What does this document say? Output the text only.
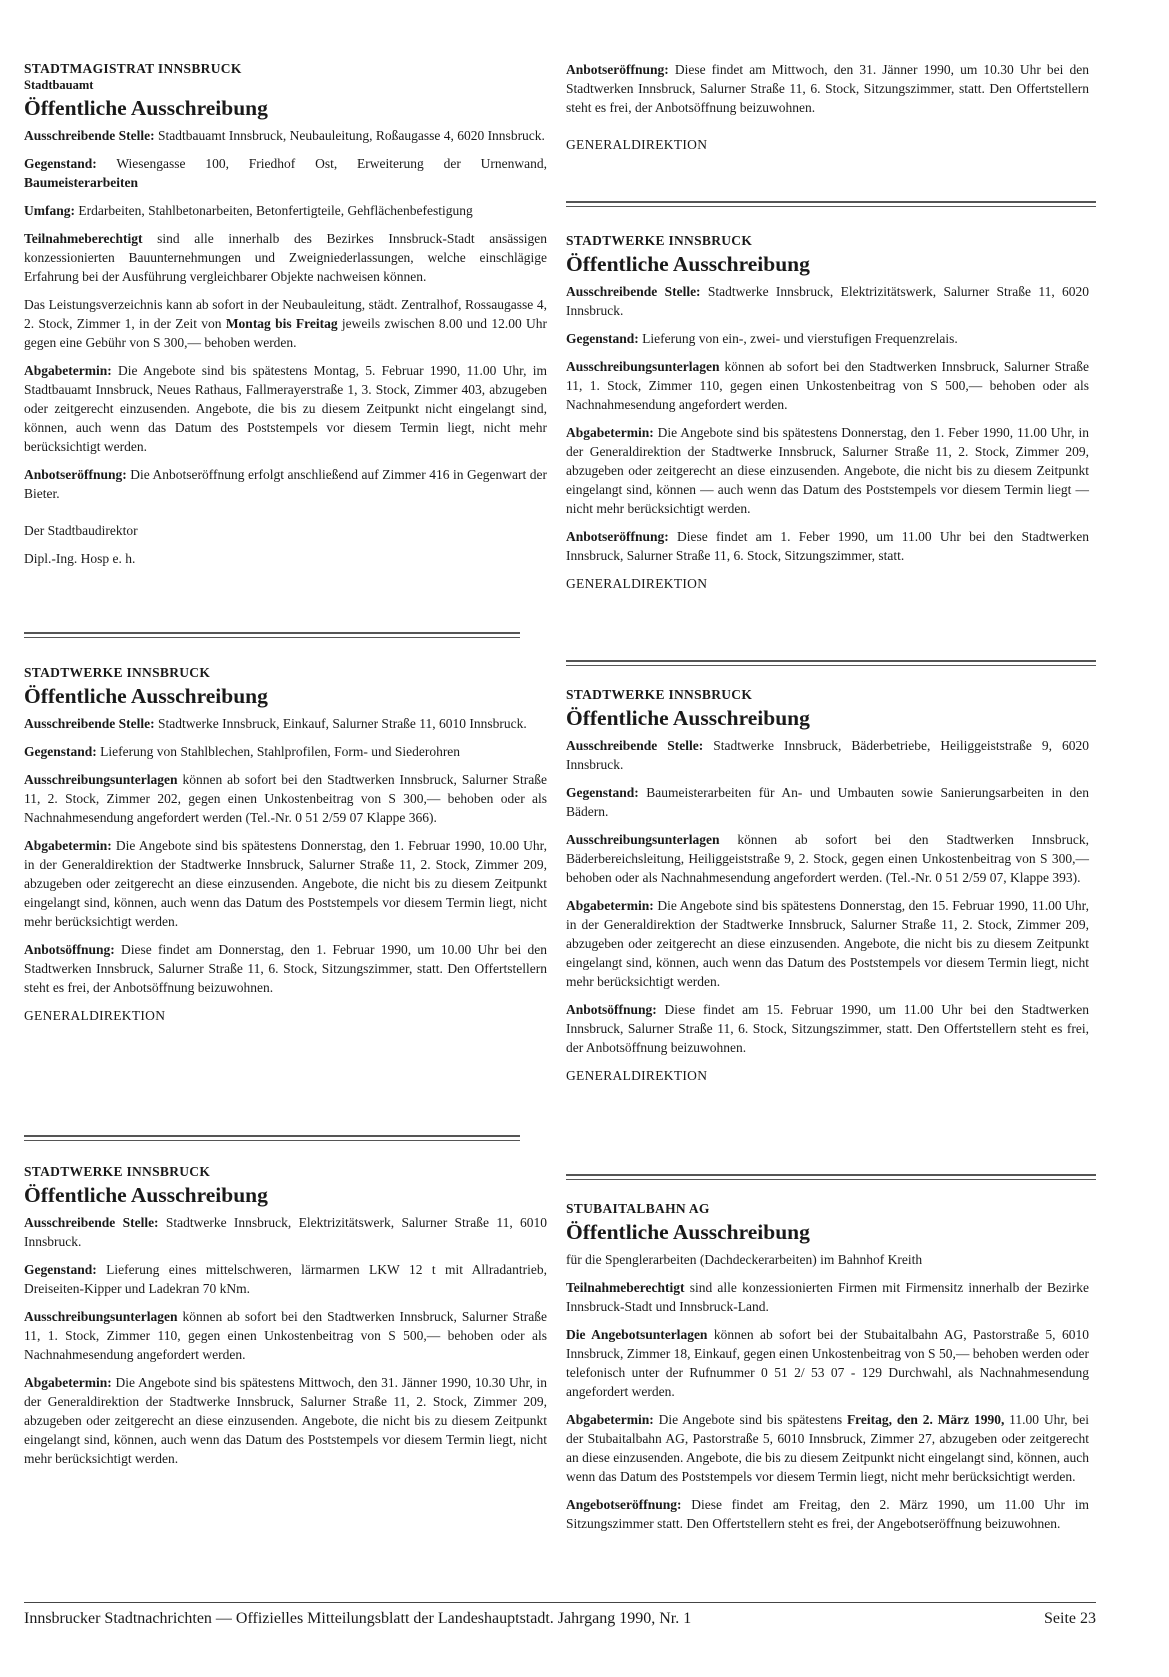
STADTMAGISTRAT INNSBRUCK

Stadtbauamt

Öffentliche Ausschreibung

Ausschreibende Stelle: Stadtbauamt Innsbruck, Neubauleitung, Roßaugasse 4, 6020 Innsbruck.

Gegenstand: Wiesengasse 100, Friedhof Ost, Erweiterung der Urnenwand, Baumeisterarbeiten

Umfang: Erdarbeiten, Stahlbetonarbeiten, Betonfertigteile, Gehflächenbefestigung

Teilnahmeberechtigt sind alle innerhalb des Bezirkes Innsbruck-Stadt ansässigen konzessionierten Bauunternehmungen und Zweigniederlassungen, welche einschlägige Erfahrung bei der Ausführung vergleichbarer Objekte nachweisen können.

Das Leistungsverzeichnis kann ab sofort in der Neubauleitung, städt. Zentralhof, Rossaugasse 4, 2. Stock, Zimmer 1, in der Zeit von Montag bis Freitag jeweils zwischen 8.00 und 12.00 Uhr gegen eine Gebühr von S 300,— behoben werden.

Abgabetermin: Die Angebote sind bis spätestens Montag, 5. Februar 1990, 11.00 Uhr, im Stadtbauamt Innsbruck, Neues Rathaus, Fallmerayerstraße 1, 3. Stock, Zimmer 403, abzugeben oder zeitgerecht einzusenden. Angebote, die bis zu diesem Zeitpunkt nicht eingelangt sind, können, auch wenn das Datum des Poststempels vor diesem Termin liegt, nicht mehr berücksichtigt werden.

Anbotseröffnung: Die Anbotseröffnung erfolgt anschließend auf Zimmer 416 in Gegenwart der Bieter.

Der Stadtbaudirektor

Dipl.-Ing. Hosp e. h.

STADTWERKE INNSBRUCK

Öffentliche Ausschreibung

Ausschreibende Stelle: Stadtwerke Innsbruck, Einkauf, Salurner Straße 11, 6010 Innsbruck.

Gegenstand: Lieferung von Stahlblechen, Stahlprofilen, Form- und Siederohren

Ausschreibungsunterlagen können ab sofort bei den Stadtwerken Innsbruck, Salurner Straße 11, 2. Stock, Zimmer 202, gegen einen Unkostenbeitrag von S 300,— behoben oder als Nachnahmesendung angefordert werden (Tel.-Nr. 0 51 2/59 07 Klappe 366).

Abgabetermin: Die Angebote sind bis spätestens Donnerstag, den 1. Februar 1990, 10.00 Uhr, in der Generaldirektion der Stadtwerke Innsbruck, Salurner Straße 11, 2. Stock, Zimmer 209, abzugeben oder zeitgerecht an diese einzusenden. Angebote, die nicht bis zu diesem Zeitpunkt eingelangt sind, können, auch wenn das Datum des Poststempels vor diesem Termin liegt, nicht mehr berücksichtigt werden.

Anbotsöffnung: Diese findet am Donnerstag, den 1. Februar 1990, um 10.00 Uhr bei den Stadtwerken Innsbruck, Salurner Straße 11, 6. Stock, Sitzungszimmer, statt. Den Offertstellern steht es frei, der Anbotsöffnung beizuwohnen.

GENERALDIREKTION

STADTWERKE INNSBRUCK

Öffentliche Ausschreibung

Ausschreibende Stelle: Stadtwerke Innsbruck, Elektrizitätswerk, Salurner Straße 11, 6010 Innsbruck.

Gegenstand: Lieferung eines mittelschweren, lärmarmen LKW 12 t mit Allradantrieb, Dreiseiten-Kipper und Ladekran 70 kNm.

Ausschreibungsunterlagen können ab sofort bei den Stadtwerken Innsbruck, Salurner Straße 11, 1. Stock, Zimmer 110, gegen einen Unkostenbeitrag von S 500,— behoben oder als Nachnahmesendung angefordert werden.

Abgabetermin: Die Angebote sind bis spätestens Mittwoch, den 31. Jänner 1990, 10.30 Uhr, in der Generaldirektion der Stadtwerke Innsbruck, Salurner Straße 11, 2. Stock, Zimmer 209, abzugeben oder zeitgerecht an diese einzusenden. Angebote, die nicht bis zu diesem Zeitpunkt eingelangt sind, können, auch wenn das Datum des Poststempels vor diesem Termin liegt, nicht mehr berücksichtigt werden.

Anbotseröffnung: Diese findet am Mittwoch, den 31. Jänner 1990, um 10.30 Uhr bei den Stadtwerken Innsbruck, Salurner Straße 11, 6. Stock, Sitzungszimmer, statt. Den Offertstellern steht es frei, der Anbotsöffnung beizuwohnen.

GENERALDIREKTION

STADTWERKE INNSBRUCK

Öffentliche Ausschreibung

Ausschreibende Stelle: Stadtwerke Innsbruck, Elektrizitätswerk, Salurner Straße 11, 6020 Innsbruck.

Gegenstand: Lieferung von ein-, zwei- und vierstufigen Frequenzrelais.

Ausschreibungsunterlagen können ab sofort bei den Stadtwerken Innsbruck, Salurner Straße 11, 1. Stock, Zimmer 110, gegen einen Unkostenbeitrag von S 500,— behoben oder als Nachnahmesendung angefordert werden.

Abgabetermin: Die Angebote sind bis spätestens Donnerstag, den 1. Feber 1990, 11.00 Uhr, in der Generaldirektion der Stadtwerke Innsbruck, Salurner Straße 11, 2. Stock, Zimmer 209, abzugeben oder zeitgerecht an diese einzusenden. Angebote, die nicht bis zu diesem Zeitpunkt eingelangt sind, können — auch wenn das Datum des Poststempels vor diesem Termin liegt — nicht mehr berücksichtigt werden.

Anbotseröffnung: Diese findet am 1. Feber 1990, um 11.00 Uhr bei den Stadtwerken Innsbruck, Salurner Straße 11, 6. Stock, Sitzungszimmer, statt.

GENERALDIREKTION

STADTWERKE INNSBRUCK

Öffentliche Ausschreibung

Ausschreibende Stelle: Stadtwerke Innsbruck, Bäderbetriebe, Heiliggeiststraße 9, 6020 Innsbruck.

Gegenstand: Baumeisterarbeiten für An- und Umbauten sowie Sanierungsarbeiten in den Bädern.

Ausschreibungsunterlagen können ab sofort bei den Stadtwerken Innsbruck, Bäderbereichsleitung, Heiliggeiststraße 9, 2. Stock, gegen einen Unkostenbeitrag von S 300,— behoben oder als Nachnahmesendung angefordert werden. (Tel.-Nr. 0 51 2/59 07, Klappe 393).

Abgabetermin: Die Angebote sind bis spätestens Donnerstag, den 15. Februar 1990, 11.00 Uhr, in der Generaldirektion der Stadtwerke Innsbruck, Salurner Straße 11, 2. Stock, Zimmer 209, abzugeben oder zeitgerecht an diese einzusenden. Angebote, die nicht bis zu diesem Zeitpunkt eingelangt sind, können, auch wenn das Datum des Poststempels vor diesem Termin liegt, nicht mehr berücksichtigt werden.

Anbotsöffnung: Diese findet am 15. Februar 1990, um 11.00 Uhr bei den Stadtwerken Innsbruck, Salurner Straße 11, 6. Stock, Sitzungszimmer, statt. Den Offertstellern steht es frei, der Anbotsöffnung beizuwohnen.

GENERALDIREKTION

STUBAITALBAHN AG

Öffentliche Ausschreibung

für die Spenglerarbeiten (Dachdeckerarbeiten) im Bahnhof Kreith

Teilnahmeberechtigt sind alle konzessionierten Firmen mit Firmensitz innerhalb der Bezirke Innsbruck-Stadt und Innsbruck-Land.

Die Angebotsunterlagen können ab sofort bei der Stubaitalbahn AG, Pastorstraße 5, 6010 Innsbruck, Zimmer 18, Einkauf, gegen einen Unkostenbeitrag von S 50,— behoben werden oder telefonisch unter der Rufnummer 0 51 2/ 53 07 - 129 Durchwahl, als Nachnahmesendung angefordert werden.

Abgabetermin: Die Angebote sind bis spätestens Freitag, den 2. März 1990, 11.00 Uhr, bei der Stubaitalbahn AG, Pastorstraße 5, 6010 Innsbruck, Zimmer 27, abzugeben oder zeitgerecht an diese einzusenden. Angebote, die bis zu diesem Zeitpunkt nicht eingelangt sind, können, auch wenn das Datum des Poststempels vor diesem Termin liegt, nicht mehr berücksichtigt werden.

Angebotseröffnung: Diese findet am Freitag, den 2. März 1990, um 11.00 Uhr im Sitzungszimmer statt. Den Offertstellern steht es frei, der Angebotseröffnung beizuwohnen.

Innsbrucker Stadtnachrichten — Offizielles Mitteilungsblatt der Landeshauptstadt. Jahrgang 1990, Nr. 1	Seite 23
